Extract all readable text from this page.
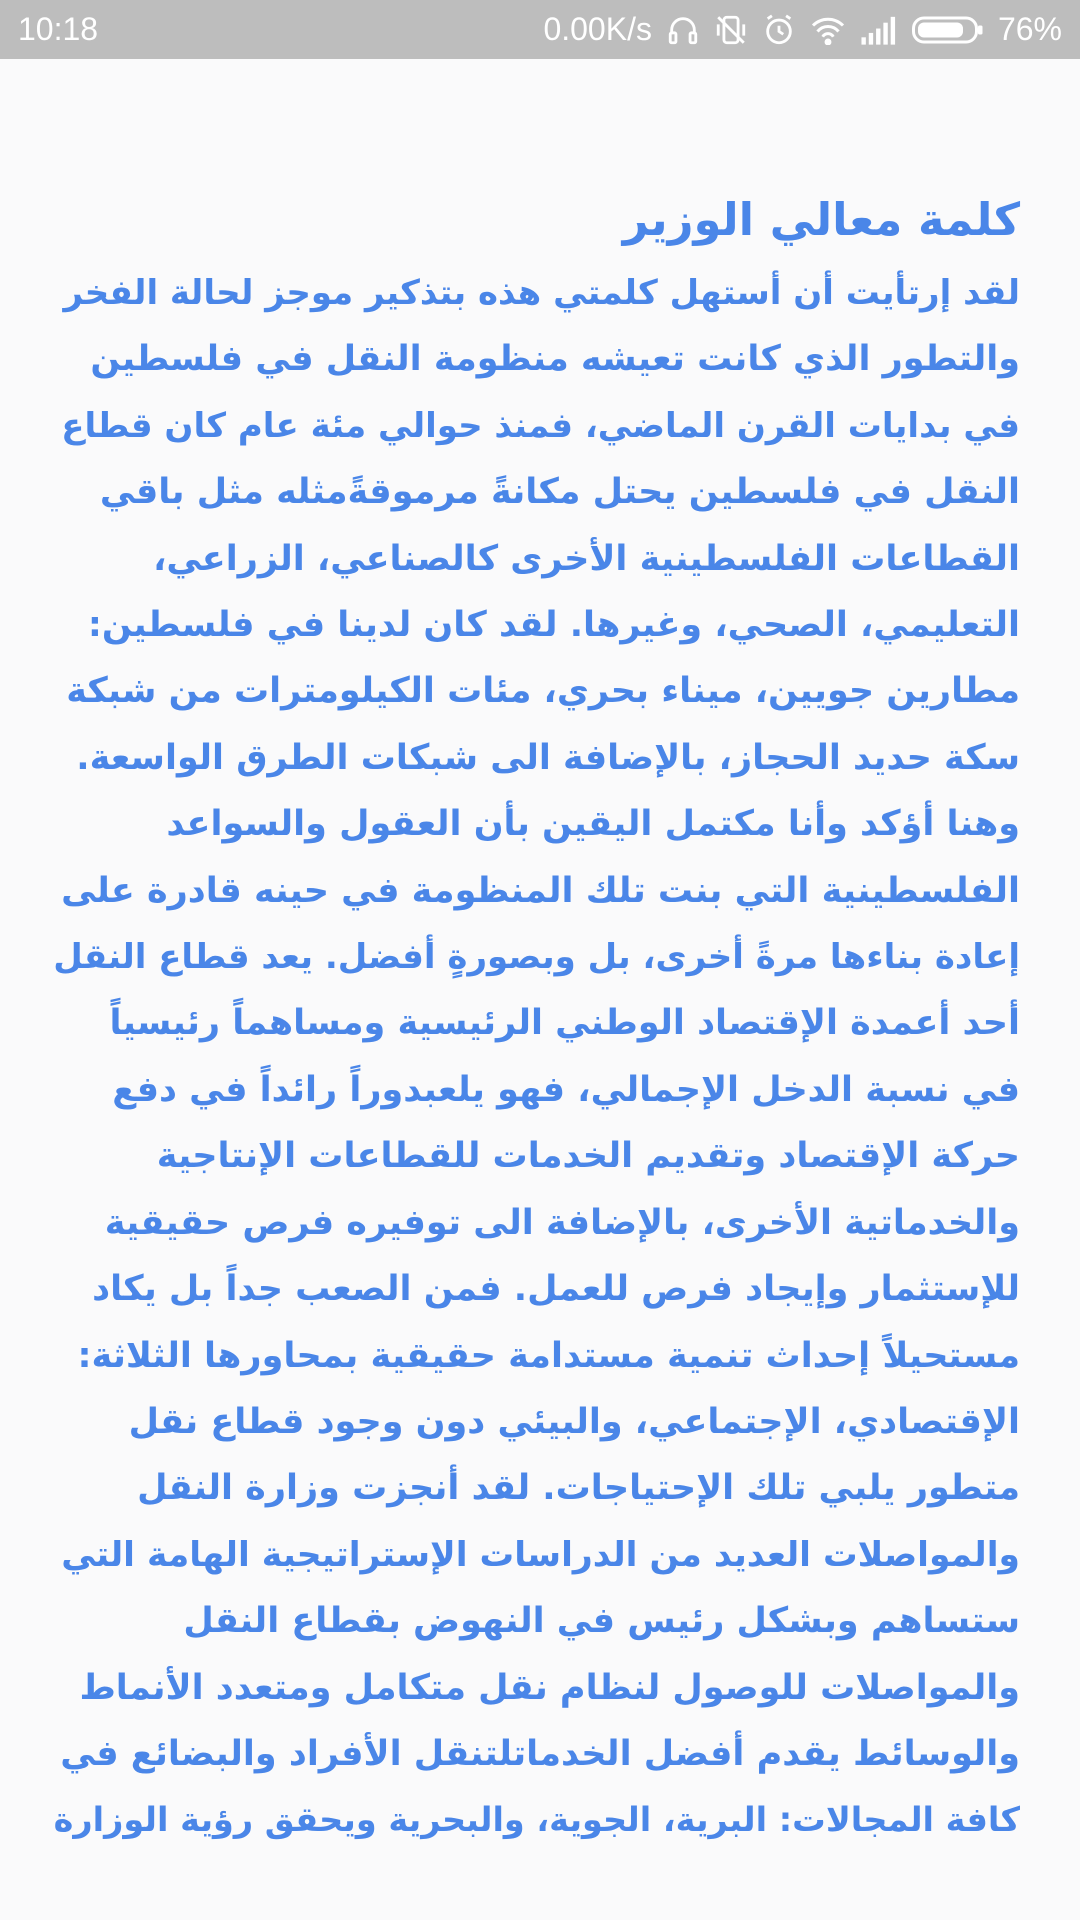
10:18	0.00K/s	76%
كلمة معالي الوزير

لقد إرتأيت أن أستهل كلمتي هذه بتذكير موجز لحالة الفخر

والتطور الذي كانت تعيشه منظومة النقل في فلسطين

في بدايات القرن الماضي، فمنذ حوالي مئة عام كان قطاع

النقل في فلسطين يحتل مكانةً مرموقةًمثله مثل باقي

القطاعات الفلسطينية الأخرى كالصناعي، الزراعي،

التعليمي، الصحي، وغيرها. لقد كان لدينا في فلسطين:

مطارين جويين، ميناء بحري، مئات الكيلومترات من شبكة

سكة حديد الحجاز، بالإضافة الى شبكات الطرق الواسعة.

وهنا أؤكد وأنا مكتمل اليقين بأن العقول والسواعد

الفلسطينية التي بنت تلك المنظومة في حينه قادرة على

إعادة بناءها مرةً أخرى، بل وبصورةٍ أفضل. يعد قطاع النقل

أحد أعمدة الإقتصاد الوطني الرئيسية ومساهماً رئيسياً

في نسبة الدخل الإجمالي، فهو يلعبدوراً رائداً في دفع

حركة الإقتصاد وتقديم الخدمات للقطاعات الإنتاجية

والخدماتية الأخرى، بالإضافة الى توفيره فرص حقيقية

للإستثمار وإيجاد فرص للعمل. فمن الصعب جداً بل يكاد

مستحيلاً إحداث تنمية مستدامة حقيقية بمحاورها الثلاثة:

الإقتصادي، الإجتماعي، والبيئي دون وجود قطاع نقل

متطور يلبي تلك الإحتياجات. لقد أنجزت وزارة النقل

والمواصلات العديد من الدراسات الإستراتيجية الهامة التي

ستساهم وبشكل رئيس في النهوض بقطاع النقل

والمواصلات للوصول لنظام نقل متكامل ومتعدد الأنماط

والوسائط يقدم أفضل الخدماتلتنقل الأفراد والبضائع في

كافة المجالات: البرية، الجوية، والبحرية ويحقق رؤية الوزارة
